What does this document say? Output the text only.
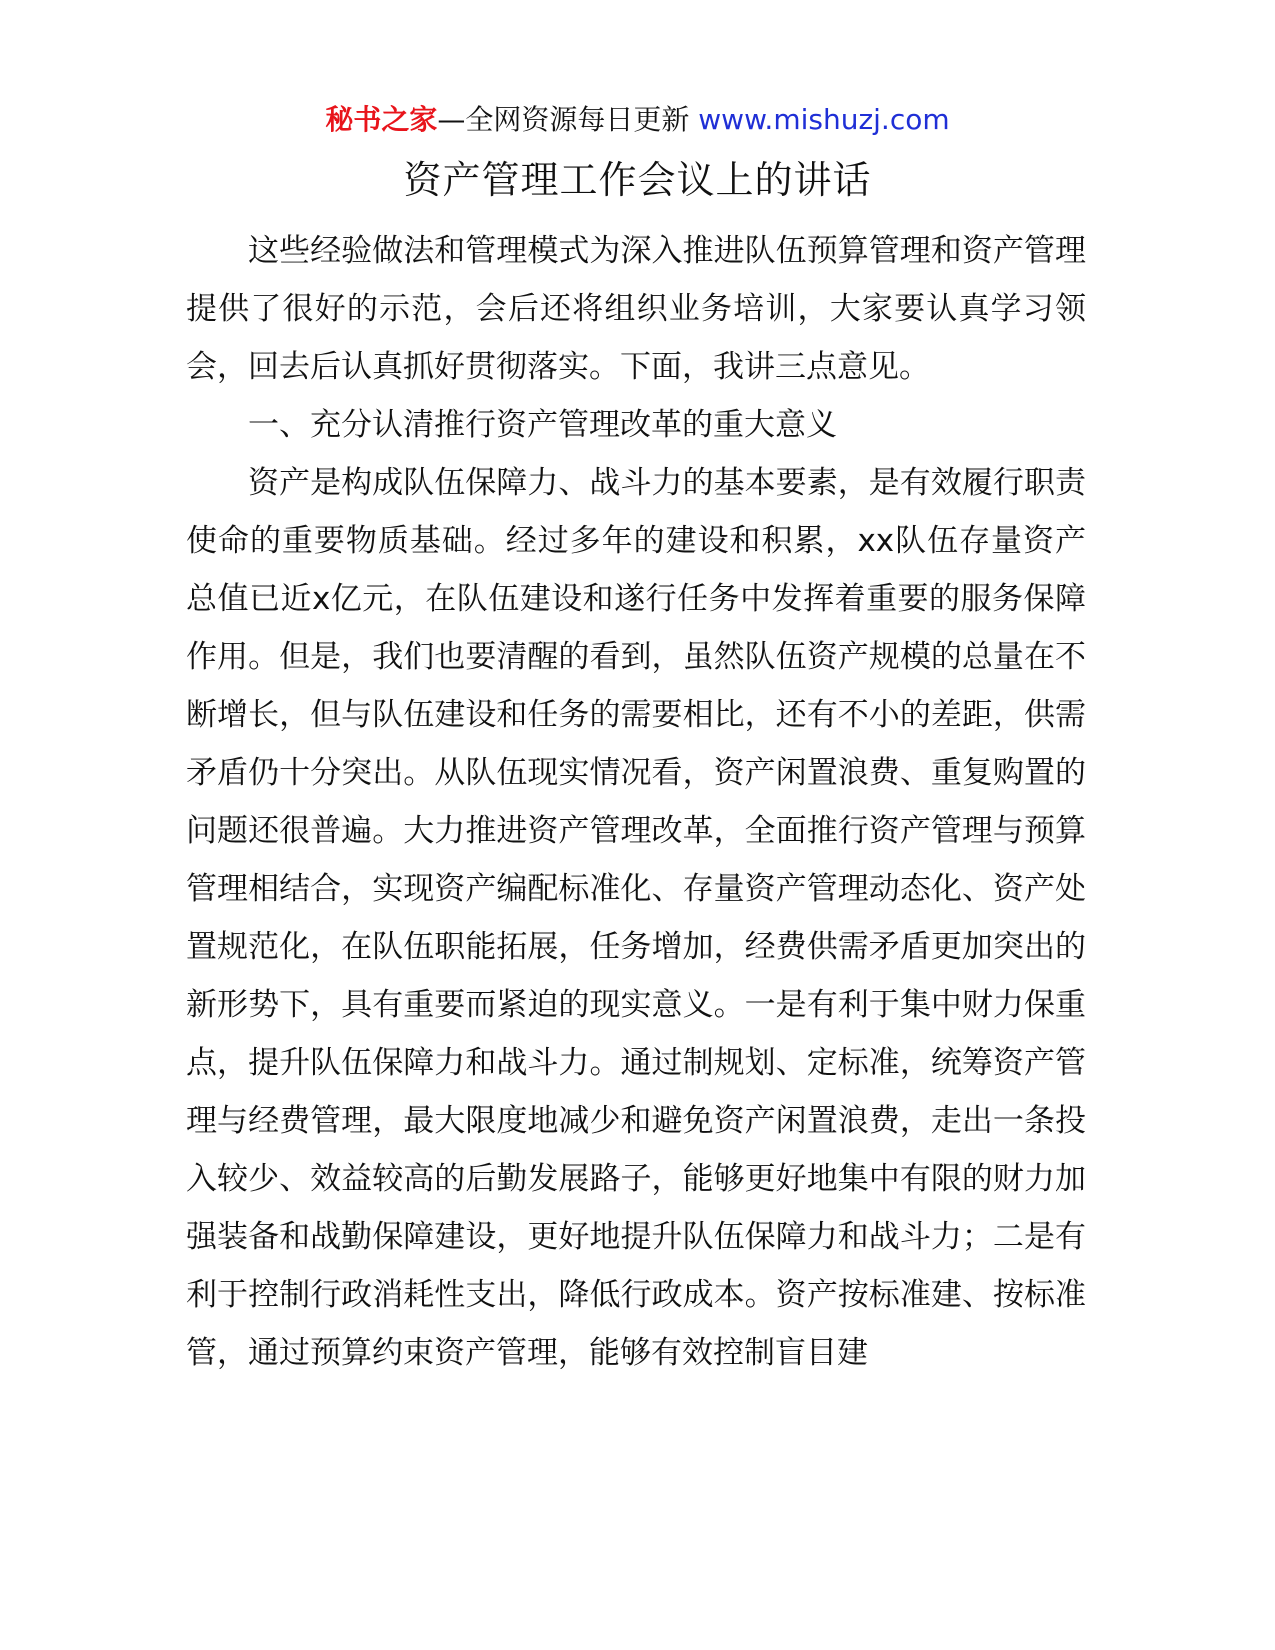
秘书之家—全网资源每日更新 www.mishuzj.com
资产管理工作会议上的讲话

这些经验做法和管理模式为深入推进队伍预算管理和资产管理提供了很好的示范，会后还将组织业务培训，大家要认真学习领会，回去后认真抓好贯彻落实。下面，我讲三点意见。

一、充分认清推行资产管理改革的重大意义

资产是构成队伍保障力、战斗力的基本要素，是有效履行职责使命的重要物质基础。经过多年的建设和积累，xx队伍存量资产总值已近x亿元，在队伍建设和遂行任务中发挥着重要的服务保障作用。但是，我们也要清醒的看到，虽然队伍资产规模的总量在不断增长，但与队伍建设和任务的需要相比，还有不小的差距，供需矛盾仍十分突出。从队伍现实情况看，资产闲置浪费、重复购置的问题还很普遍。大力推进资产管理改革，全面推行资产管理与预算管理相结合，实现资产编配标准化、存量资产管理动态化、资产处置规范化，在队伍职能拓展，任务增加，经费供需矛盾更加突出的新形势下，具有重要而紧迫的现实意义。一是有利于集中财力保重点，提升队伍保障力和战斗力。通过制规划、定标准，统筹资产管理与经费管理，最大限度地减少和避免资产闲置浪费，走出一条投入较少、效益较高的后勤发展路子，能够更好地集中有限的财力加强装备和战勤保障建设，更好地提升队伍保障力和战斗力；二是有利于控制行政消耗性支出，降低行政成本。资产按标准建、按标准管，通过预算约束资产管理，能够有效控制盲目建
